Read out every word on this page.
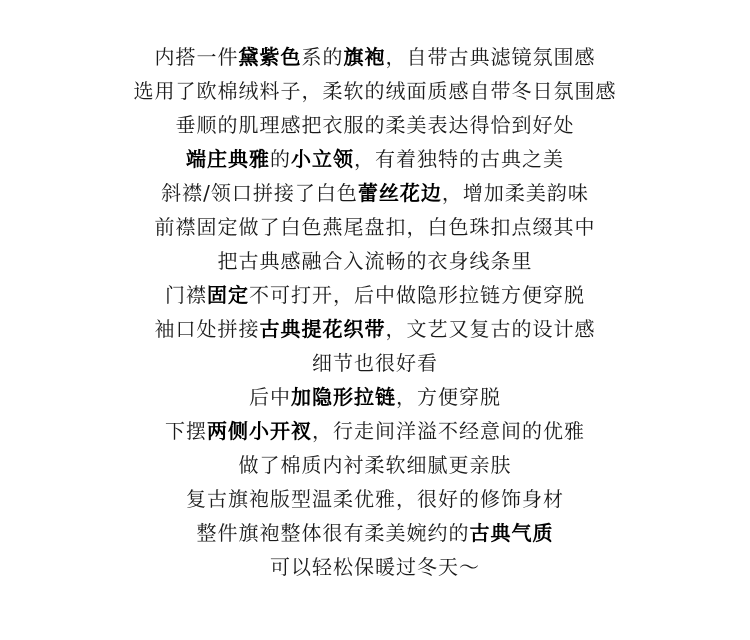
内搭一件黛紫色系的旗袍，自带古典滤镜氛围感
选用了欧棉绒料子，柔软的绒面质感自带冬日氛围感
垂顺的肌理感把衣服的柔美表达得恰到好处
端庄典雅的小立领，有着独特的古典之美
斜襟/领口拼接了白色蕾丝花边，增加柔美韵味
前襟固定做了白色燕尾盘扣，白色珠扣点缀其中
把古典感融合入流畅的衣身线条里
门襟固定不可打开，后中做隐形拉链方便穿脱
袖口处拼接古典提花织带，文艺又复古的设计感
细节也很好看
后中加隐形拉链，方便穿脱
下摆两侧小开衩，行走间洋溢不经意间的优雅
做了棉质内衬柔软细腻更亲肤
复古旗袍版型温柔优雅，很好的修饰身材
整件旗袍整体很有柔美婉约的古典气质
可以轻松保暖过冬天～
